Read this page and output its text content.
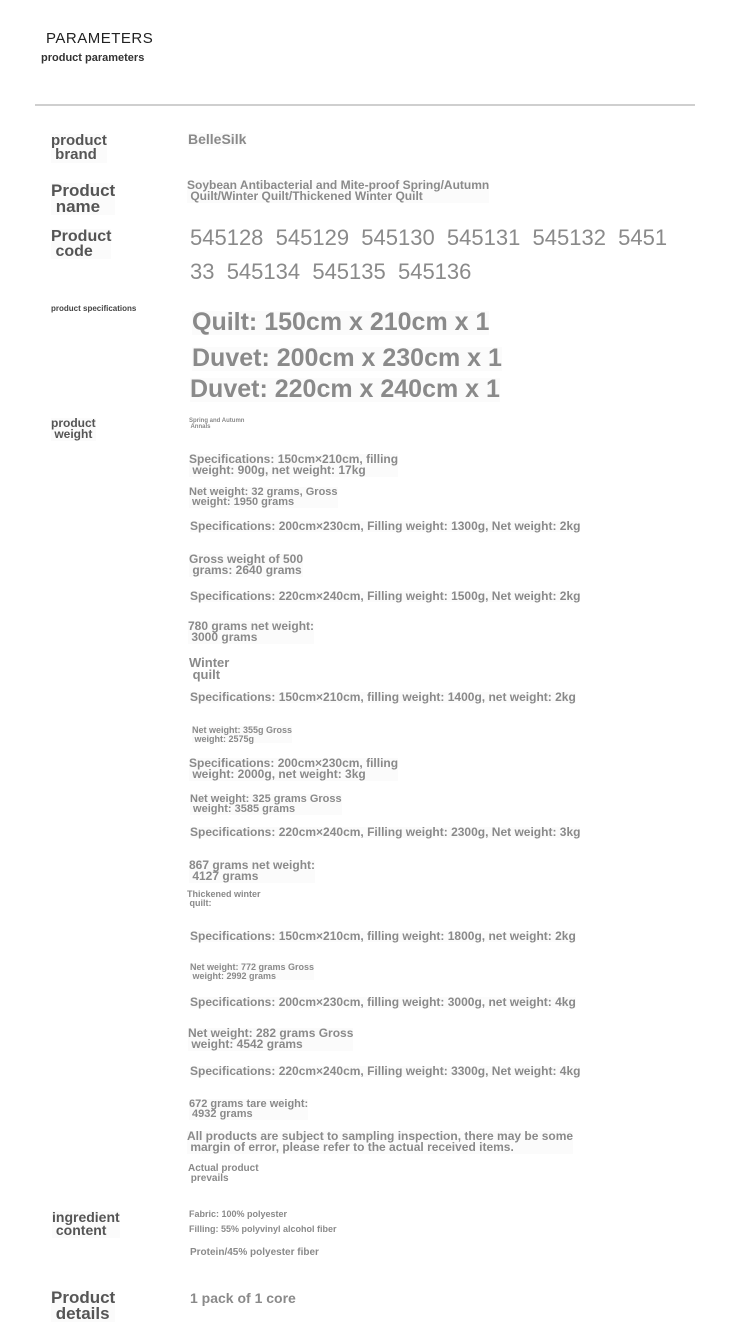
PARAMETERS
product parameters
product
brand
BelleSilk
Product
name
Soybean Antibacterial and Mite-proof Spring/Autumn
Quilt/Winter Quilt/Thickened Winter Quilt
Product
code
545128  545129  545130  545131  545132  5451
33  545134  545135  545136
product specifications Quilt: 150cm x 210cm x 1
Duvet: 200cm x 230cm x 1
Duvet: 220cm x 240cm x 1
product
weight
Spring and Autumn
Annals
Specifications: 150cm×210cm, filling
weight: 900g, net weight: 17kg
Net weight: 32 grams, Gross
weight: 1950 grams
Specifications: 200cm×230cm, Filling weight: 1300g, Net weight: 2kg
Gross weight of 500
grams: 2640 grams
Specifications: 220cm×240cm, Filling weight: 1500g, Net weight: 2kg
780 grams net weight:
3000 grams
Winter
quilt
Specifications: 150cm×210cm, filling weight: 1400g, net weight: 2kg
Net weight: 355g Gross
weight: 2575g
Specifications: 200cm×230cm, filling
weight: 2000g, net weight: 3kg
Net weight: 325 grams Gross
weight: 3585 grams
Specifications: 220cm×240cm, Filling weight: 2300g, Net weight: 3kg
867 grams net weight:
4127 grams
Thickened winter
quilt:
Specifications: 150cm×210cm, filling weight: 1800g, net weight: 2kg
Net weight: 772 grams Gross
weight: 2992 grams
Specifications: 200cm×230cm, filling weight: 3000g, net weight: 4kg
Net weight: 282 grams Gross
weight: 4542 grams
Specifications: 220cm×240cm, Filling weight: 3300g, Net weight: 4kg
672 grams tare weight:
4932 grams
All products are subject to sampling inspection, there may be some
margin of error, please refer to the actual received items.
Actual product
prevails
ingredient
content
Fabric: 100% polyester
Filling: 55% polyvinyl alcohol fiber
Protein/45% polyester fiber
Product
details
1 pack of 1 core
